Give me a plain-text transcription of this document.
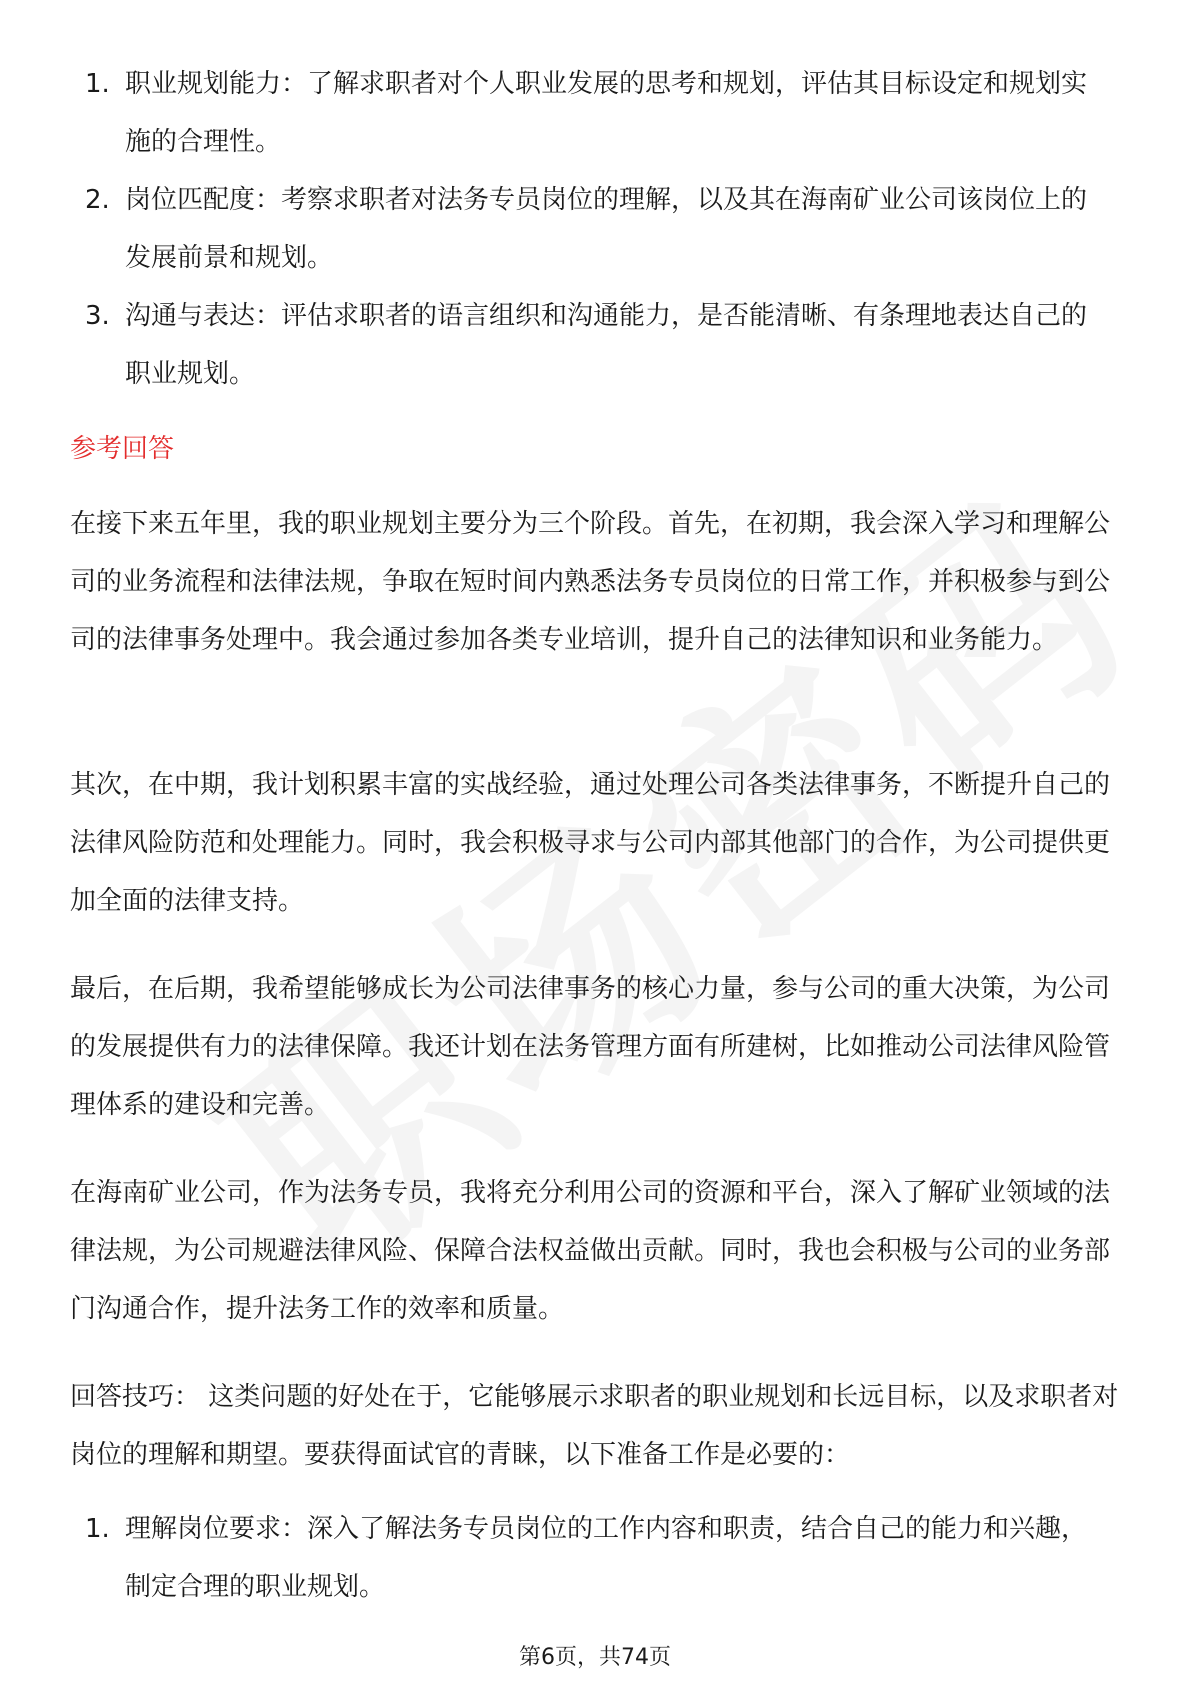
1. 职业规划能力：了解求职者对个人职业发展的思考和规划，评估其目标设定和规划实施的合理性。
2. 岗位匹配度：考察求职者对法务专员岗位的理解，以及其在海南矿业公司该岗位上的发展前景和规划。
3. 沟通与表达：评估求职者的语言组织和沟通能力，是否能清晰、有条理地表达自己的职业规划。
参考回答

在接下来五年里，我的职业规划主要分为三个阶段。首先，在初期，我会深入学习和理解公司的业务流程和法律法规，争取在短时间内熟悉法务专员岗位的日常工作，并积极参与到公司的法律事务处理中。我会通过参加各类专业培训，提升自己的法律知识和业务能力。

其次，在中期，我计划积累丰富的实战经验，通过处理公司各类法律事务，不断提升自己的法律风险防范和处理能力。同时，我会积极寻求与公司内部其他部门的合作，为公司提供更加全面的法律支持。

最后，在后期，我希望能够成长为公司法律事务的核心力量，参与公司的重大决策，为公司的发展提供有力的法律保障。我还计划在法务管理方面有所建树，比如推动公司法律风险管理体系的建设和完善。

在海南矿业公司，作为法务专员，我将充分利用公司的资源和平台，深入了解矿业领域的法律法规，为公司规避法律风险、保障合法权益做出贡献。同时，我也会积极与公司的业务部门沟通合作，提升法务工作的效率和质量。

回答技巧： 这类问题的好处在于，它能够展示求职者的职业规划和长远目标，以及求职者对岗位的理解和期望。要获得面试官的青睐，以下准备工作是必要的：

1. 理解岗位要求：深入了解法务专员岗位的工作内容和职责，结合自己的能力和兴趣，制定合理的职业规划。
第6页，共74页
